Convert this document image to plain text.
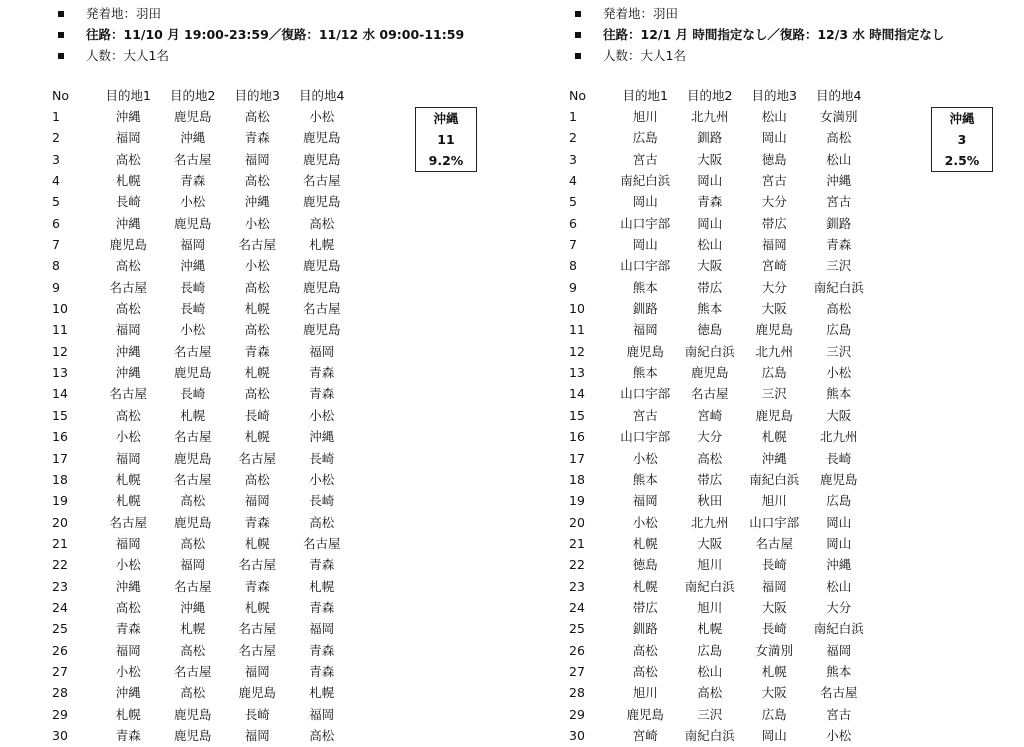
発着地：羽田
往路：11/10 月 19:00-23:59／復路：11/12 水 09:00-11:59
人数：大人1名
No	目的地1	目的地2	目的地3	目的地4
1	沖縄	鹿児島	高松	小松
2	福岡	沖縄	青森	鹿児島
3	高松	名古屋	福岡	鹿児島
4	札幌	青森	高松	名古屋
5	長崎	小松	沖縄	鹿児島
6	沖縄	鹿児島	小松	高松
7	鹿児島	福岡	名古屋	札幌
8	高松	沖縄	小松	鹿児島
9	名古屋	長崎	高松	鹿児島
10	高松	長崎	札幌	名古屋
11	福岡	小松	高松	鹿児島
12	沖縄	名古屋	青森	福岡
13	沖縄	鹿児島	札幌	青森
14	名古屋	長崎	高松	青森
15	高松	札幌	長崎	小松
16	小松	名古屋	札幌	沖縄
17	福岡	鹿児島	名古屋	長崎
18	札幌	名古屋	高松	小松
19	札幌	高松	福岡	長崎
20	名古屋	鹿児島	青森	高松
21	福岡	高松	札幌	名古屋
22	小松	福岡	名古屋	青森
23	沖縄	名古屋	青森	札幌
24	高松	沖縄	札幌	青森
25	青森	札幌	名古屋	福岡
26	福岡	高松	名古屋	青森
27	小松	名古屋	福岡	青森
28	沖縄	高松	鹿児島	札幌
29	札幌	鹿児島	長崎	福岡
30	青森	鹿児島	福岡	高松
沖縄
11
9.2%
発着地：羽田
往路：12/1 月 時間指定なし／復路：12/3 水 時間指定なし
人数：大人1名
No	目的地1	目的地2	目的地3	目的地4
1	旭川	北九州	松山	女満別
2	広島	釧路	岡山	高松
3	宮古	大阪	徳島	松山
4	南紀白浜	岡山	宮古	沖縄
5	岡山	青森	大分	宮古
6	山口宇部	岡山	帯広	釧路
7	岡山	松山	福岡	青森
8	山口宇部	大阪	宮崎	三沢
9	熊本	帯広	大分	南紀白浜
10	釧路	熊本	大阪	高松
11	福岡	徳島	鹿児島	広島
12	鹿児島	南紀白浜	北九州	三沢
13	熊本	鹿児島	広島	小松
14	山口宇部	名古屋	三沢	熊本
15	宮古	宮崎	鹿児島	大阪
16	山口宇部	大分	札幌	北九州
17	小松	高松	沖縄	長崎
18	熊本	帯広	南紀白浜	鹿児島
19	福岡	秋田	旭川	広島
20	小松	北九州	山口宇部	岡山
21	札幌	大阪	名古屋	岡山
22	徳島	旭川	長崎	沖縄
23	札幌	南紀白浜	福岡	松山
24	帯広	旭川	大阪	大分
25	釧路	札幌	長崎	南紀白浜
26	高松	広島	女満別	福岡
27	高松	松山	札幌	熊本
28	旭川	高松	大阪	名古屋
29	鹿児島	三沢	広島	宮古
30	宮崎	南紀白浜	岡山	小松
沖縄
3
2.5%
